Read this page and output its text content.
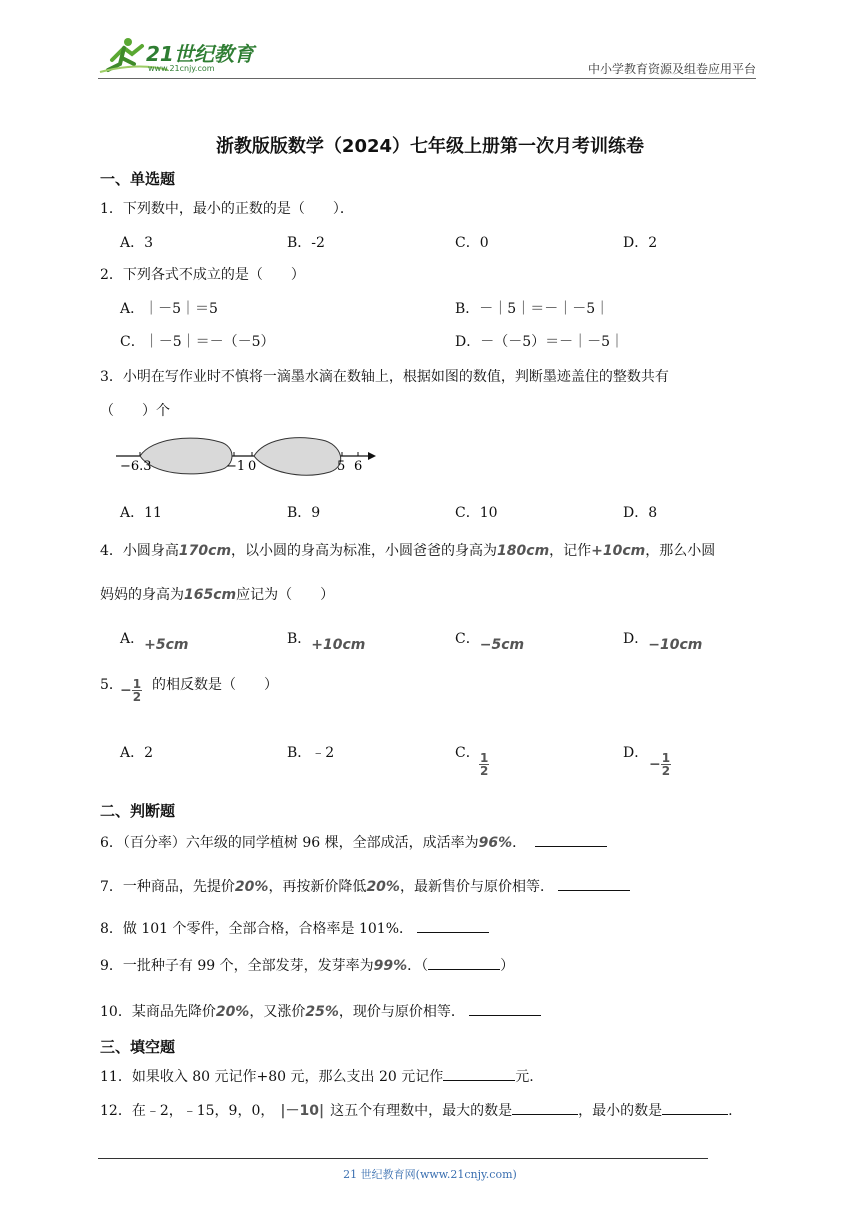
21世纪教育
www.21cnjy.com	中小学教育资源及组卷应用平台
浙教版版数学（2024）七年级上册第一次月考训练卷
一、单选题
1．下列数中，最小的正数的是（　　）．
A．3	B．-2	C．0	D．2
2．下列各式不成立的是（　　）
A．｜－5｜＝5	B．－｜5｜＝－｜－5｜
C．｜－5｜＝－（－5）	D．－（－5）＝－｜－5｜
3．小明在写作业时不慎将一滴墨水滴在数轴上，根据如图的数值，判断墨迹盖住的整数共有
（　　）个
−6.3	−1 0	5 6
A．11	B．9	C．10	D．8
4．小圆身高170cm，以小圆的身高为标准，小圆爸爸的身高为180cm，记作+10cm，那么小圆
妈妈的身高为165cm应记为（　　）
A．+5cm	B．+10cm	C．−5cm	D．−10cm
5．
− $\frac{1}{2}$ 的相反数是（　　）
A．2	B．﹣2	C． $\frac{1}{2}$	D．
− $\frac{1}{2}$
二、判断题
6．（百分率）六年级的同学植树 96 棵，全部成活，成活率为96%．
7．一种商品，先提价20%，再按新价降低20%，最新售价与原价相等．
8．做 101 个零件，全部合格，合格率是 101%．
9．一批种子有 99 个，全部发芽，发芽率为99%．（	）
10．某商品先降价20%，又涨价25%，现价与原价相等．
三、填空题
11．如果收入 80 元记作+80 元，那么支出 20 元记作	元.
12．在﹣2，﹣15，9，0， |－10| 这五个有理数中，最大的数是	，最小的数是	.
21 世纪教育网(www.21cnjy.com)
